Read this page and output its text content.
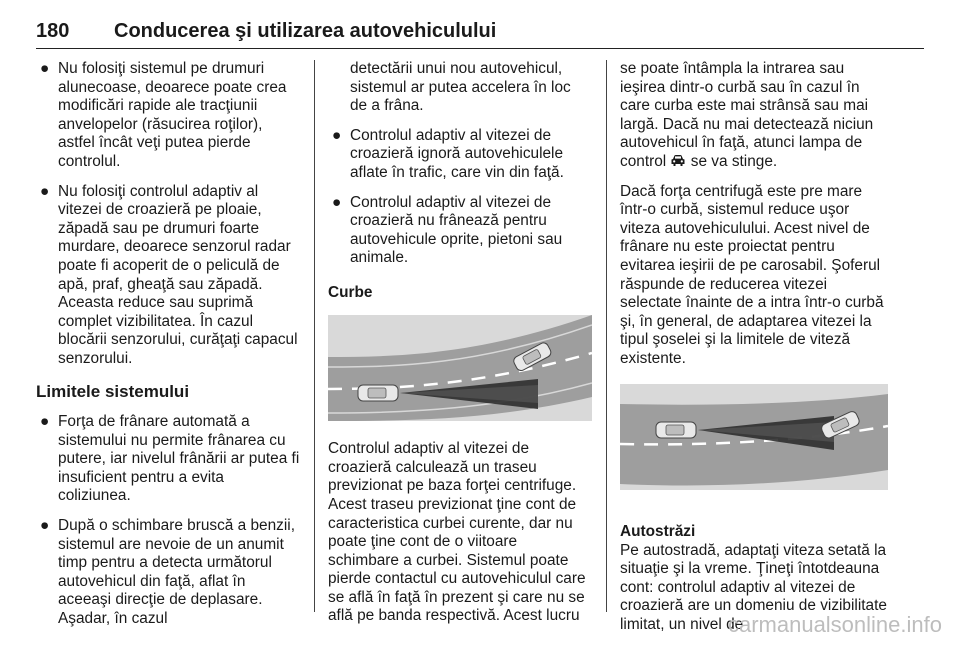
180 Conducerea şi utilizarea autovehiculului
● Nu folosiţi sistemul pe drumuri alunecoase, deoarece poate crea modificări rapide ale tracţiunii anvelopelor (răsucirea roţilor), astfel încât veţi putea pierde controlul.
● Nu folosiţi controlul adaptiv al vitezei de croazieră pe ploaie, zăpadă sau pe drumuri foarte murdare, deoarece senzorul radar poate fi acoperit de o peliculă de apă, praf, gheaţă sau zăpadă. Aceasta reduce sau suprimă complet vizibilitatea. În cazul blocării senzorului, curăţaţi capacul senzorului.
Limitele sistemului
● Forţa de frânare automată a sistemului nu permite frânarea cu putere, iar nivelul frânării ar putea fi insuficient pentru a evita coliziunea.
● După o schimbare bruscă a benzii, sistemul are nevoie de un anumit timp pentru a detecta următorul autovehicul din faţă, aflat în aceeaşi direcţie de deplasare. Aşadar, în cazul
detectării unui nou autovehicul, sistemul ar putea accelera în loc de a frâna.
● Controlul adaptiv al vitezei de croazieră ignoră autovehiculele aflate în trafic, care vin din faţă.
● Controlul adaptiv al vitezei de croazieră nu frânează pentru autovehicule oprite, pietoni sau animale.

Curbe

Controlul adaptiv al vitezei de croazieră calculează un traseu previzionat pe baza forţei centrifuge. Acest traseu previzionat ţine cont de caracteristica curbei curente, dar nu poate ţine cont de o viitoare schimbare a curbei. Sistemul poate pierde contactul cu autovehiculul care se află în faţă în prezent şi care nu se află pe banda respectivă. Acest lucru

se poate întâmpla la intrarea sau ieşirea dintr-o curbă sau în cazul în care curba este mai strânsă sau mai largă. Dacă nu mai detectează niciun autovehicul în faţă, atunci lampa de control se va stinge.

Dacă forţa centrifugă este pre mare într-o curbă, sistemul reduce uşor viteza autovehiculului. Acest nivel de frânare nu este proiectat pentru evitarea ieşirii de pe carosabil. Şoferul răspunde de reducerea vitezei selectate înainte de a intra într-o curbă şi, în general, de adaptarea vitezei la tipul şoselei şi la limitele de viteză existente.

Autostrăzi

Pe autostradă, adaptaţi viteza setată la situaţie şi la vreme. Ţineţi întotdeauna cont: controlul adaptiv al vitezei de croazieră are un domeniu de vizibilitate limitat, un nivel de

carmanualsonline.info
